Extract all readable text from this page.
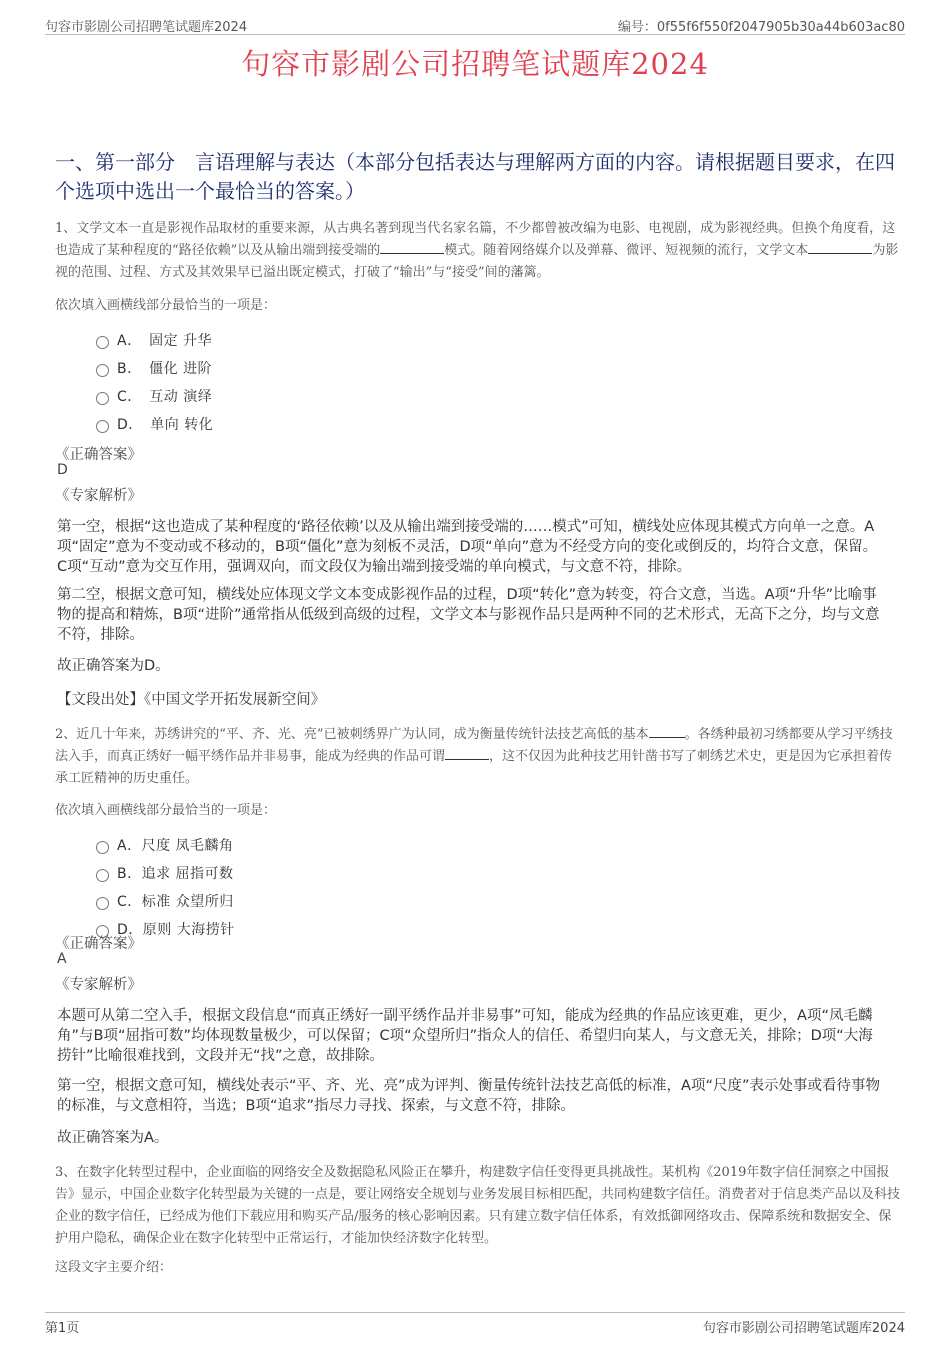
句容市影剧公司招聘笔试题库2024	编号：0f55f6f550f2047905b30a44b603ac80
句容市影剧公司招聘笔试题库2024
一、第一部分　言语理解与表达（本部分包括表达与理解两方面的内容。请根据题目要求，在四个选项中选出一个最恰当的答案。）
1、文学文本一直是影视作品取材的重要来源，从古典名著到现当代名家名篇，不少都曾被改编为电影、电视剧，成为影视经典。但换个角度看，这也造成了某种程度的“路径依赖”以及从输出端到接受端的	模式。随着网络媒介以及弹幕、微评、短视频的流行，文学文本	为影视的范围、过程、方式及其效果早已溢出既定模式，打破了“输出”与“接受”间的藩篱。
依次填入画横线部分最恰当的一项是：
A．　固定 升华
B．　僵化 进阶
C．　互动 演绎
D．　单向 转化
《正确答案》
D
《专家解析》
第一空，根据“这也造成了某种程度的‘路径依赖’以及从输出端到接受端的……模式”可知，横线处应体现其模式方向单一之意。A项“固定”意为不变动或不移动的，B项“僵化”意为刻板不灵活，D项“单向”意为不经受方向的变化或倒反的，均符合文意，保留。C项“互动”意为交互作用，强调双向，而文段仅为输出端到接受端的单向模式，与文意不符，排除。
第二空，根据文意可知，横线处应体现文学文本变成影视作品的过程，D项“转化”意为转变，符合文意，当选。A项“升华”比喻事物的提高和精炼，B项“进阶”通常指从低级到高级的过程，文学文本与影视作品只是两种不同的艺术形式，无高下之分，均与文意不符，排除。
故正确答案为D。
【文段出处】《中国文学开拓发展新空间》
2、近几十年来，苏绣讲究的“平、齐、光、亮”已被刺绣界广为认同，成为衡量传统针法技艺高低的基本	。各绣种最初习绣都要从学习平绣技法入手，而真正绣好一幅平绣作品并非易事，能成为经典的作品可谓	，这不仅因为此种技艺用针凿书写了刺绣艺术史，更是因为它承担着传承工匠精神的历史重任。
依次填入画横线部分最恰当的一项是：
A．尺度 凤毛麟角
B．追求 屈指可数
C．标准 众望所归
D．原则 大海捞针
《正确答案》
A
《专家解析》
本题可从第二空入手，根据文段信息“而真正绣好一副平绣作品并非易事”可知，能成为经典的作品应该更难，更少，A项“凤毛麟角”与B项“屈指可数”均体现数量极少，可以保留；C项“众望所归”指众人的信任、希望归向某人，与文意无关，排除；D项“大海捞针”比喻很难找到，文段并无“找”之意，故排除。
第一空，根据文意可知，横线处表示“平、齐、光、亮”成为评判、衡量传统针法技艺高低的标准，A项“尺度”表示处事或看待事物的标准，与文意相符，当选；B项“追求”指尽力寻找、探索，与文意不符，排除。
故正确答案为A。
3、在数字化转型过程中，企业面临的网络安全及数据隐私风险正在攀升，构建数字信任变得更具挑战性。某机构《2019年数字信任洞察之中国报告》显示，中国企业数字化转型最为关键的一点是，要让网络安全规划与业务发展目标相匹配，共同构建数字信任。消费者对于信息类产品以及科技企业的数字信任，已经成为他们下载应用和购买产品/服务的核心影响因素。只有建立数字信任体系，有效抵御网络攻击、保障系统和数据安全、保护用户隐私，确保企业在数字化转型中正常运行，才能加快经济数字化转型。
这段文字主要介绍：
第1页	句容市影剧公司招聘笔试题库2024
